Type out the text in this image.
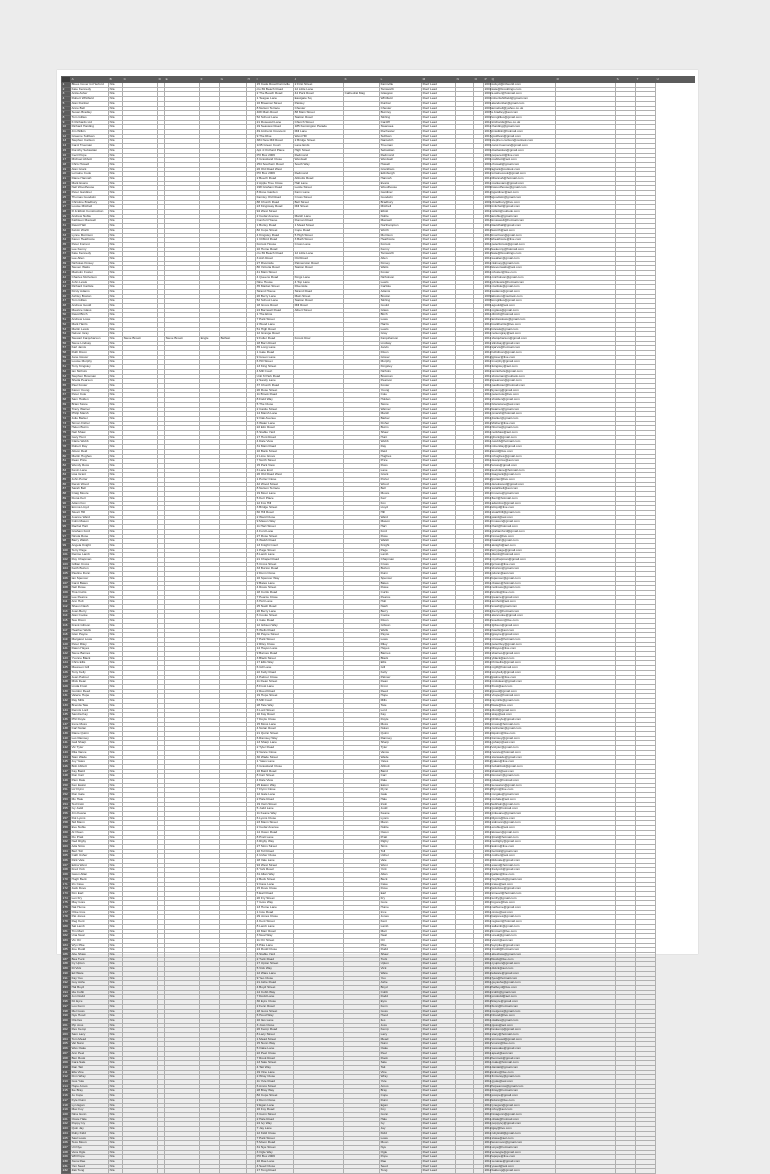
	A	B	C	D	E	F	G	H	I	J	K	L	M	N	O	P	Q	R	S	T	U
1	Blues Cover Gt Herford	N/a							15 Cade Road Farmville	2 First Street		Farmville	Roof Lead			2001	luckyd@ntlworld.com				
2	Kate Kennedy	N/a							c/o 69 Beach Road	12 Little Lane		Tamworth	Roof Lead			2001	kate@brooklings.com				
3	Anita Asher	N/a							2 The Beach Road	44 Park Road	Cathedral Mag	Glasgow	Roof Lead			2002	a.asher@hotmail.com				
4	Robert Whitfield	N/a							1 Teague Lane	Eastgate Sq		Whitfield	Roof Lead			2004	robertwhitfield@gmail.com				
5	Alan Dunbar	N/a							16 Braemar Street	Paisley		Dunbar	Roof Lead			2001	alandunbar@gmail.com				
6	Anne Bell	N/a							8 Nelson Terrace	Chester		Chester	Roof Lead			2003	annebell@yahoo.co.uk				
7	Susan Bradley	N/a							408 Main Road	88 Main Street		Burnley	Roof Lead			2005	s.bradley@aol.com				
8	Tom Gillies	N/a							52 School Lane	Station Road		Stirling	Roof Lead			2002	tomgillies@gmail.com				
9	K Richards Ltd	N/a							21 Rosewell Lane	Church Street		Cardiff	Roof Lead			2011	krichards@live.co.uk				
10	Richard Harding	N/a							19 Seaview Road	185 Kensington Parade		Swansea	Roof Lead			2011	rharding@gmail.com				
11	Jim Wilkin	N/a							49 Amherst Crescent	Mill Lane		Rochester	Roof Lead			2015	jimwilkin@hotmail.com				
12	Graeme Sullivan	N/a							9 The Rise	West Hill		Sullivan	Roof Lead			2015	gsullivan@gmail.com				
13	Stephen Carlson	N/a							384 New Mill Road	2 Bridge Street		Nantwich	Roof Lead			2001	stephen.carlson@outlook.com				
14	Carol Trueman	N/a							1/45 Green Court	Lane Ends		Trueman	Roof Lead			2001	carol.trueman@gmail.com				
15	Dorothy Sebastian	N/a							Apt 4 Orchard Place	High Street		Sebastian	Roof Lead			2001	dsebastian@gmail.com				
16	Cecil Pope	N/a							PO Box 2006	Redmond		Redmond	Roof Lead			2001	popececil@live.com				
17	Michael Abbott	N/a							3 Grassland Close	Westwell		Westwell	Roof Lead			2001	mabbott@aol.com				
18	Chris Howell	N/a							254 Southern Road	South Way		Howell	Roof Lead			2001	chowell@gmail.com				
19	Alan Grant	N/a							26 Old Road West			Grantham	Roof Lead			2002	agrant@outlook.com				
20	Lorraine Cook	N/a							PO Box 2006	Redmond		Edinburgh	Roof Lead			2011	lorrainecook@gmail.com				
21	Diane Hannah	N/a							2 Beech Road	Abbotts Road		Hannah	Roof Lead			2012	dhannah@hotmail.com				
22	Mark Evans	N/a							2 Apple Tree Close	Hall Lane		Evans	Roof Lead			2011	markevans@gmail.com				
23	Neil Woodhouse	N/a							198 Graham Road	Leslie Street		Woodhouse	Roof Lead			2009	nwoodhouse@gmail.com				
24	Peter Gardiner	N/a							8 Rose Garden	Farm Lane		Gardiner	Roof Lead			2012	pgardiner@aol.com				
25	Thomas Goodwin	N/a							Farnley Old Road	Cross Street		Goodwin	Roof Lead			2005	tgoodwin@gmail.com				
26	Christine Bradbury	N/a							88 Church Road	Bell Street		Bradbury	Roof Lead			2001	cbradbury@live.com				
27	Louise Mitchell	N/a							23 Kingsway Road	Mill Street		Mitchell	Roof Lead			2001	lmitchell@gmail.com				
28	R & Elliott Construction	N/a							94 West Street			Elliott	Roof Lead			2011	relliott@outlook.com				
29	Andrew Noble	N/a							2 Cedar Avenue	Marsh Lane		Noble	Roof Lead			2013	anoble@gmail.com				
30	Kathleen Maxwell	N/a							Comfort House	Roman Road		Maxwell	Roof Lead			2014	kmaxwell@hotmail.com				
31	David Hall	N/a							1 Burley Road	1 Mead Street		Northampton	Roof Lead			2012	davidhall@gmail.com				
32	Kelvin Worth	N/a							82 Cope Street	Cope Road		Worth	Roof Lead			2012	kworth@aol.com				
33	Lynne Morrison	N/a							4 Kingsley Road	5 High Street		Morrison	Roof Lead			2013	lmorrison@gmail.com				
34	Karen Heathcote	N/a							1 Clifford Road	3 Bath Street		Heathcote	Roof Lead			2016	kheathcote@live.com				
35	Peter Forrest	N/a							Forrest House	Cross Lane		Forrest	Roof Lead			2011	peterforrest@gmail.com				
36	Lee Kenny	N/a							10 Home Road			Kenny	Roof Lead			2012	leekenny@hotmail.com				
37	Kate Kennedy	N/a							c/o 69 Beach Road	12 Little Lane		Tamworth	Roof Lead			2012	kate@brooklings.com				
38	Lee Allen	N/a							3 Ash Road	Old Road		Allen	Roof Lead			2011	leeallen@gmail.com				
39	Nicholas Kinsey	N/a							27 Riverside	Palmerston Road		Kinsey	Roof Lead			2011	nkinsey@gmail.com				
40	Steven Watts	N/a							80 Victoria Road	Station Road		Watts	Roof Lead			2010	stevenwatts@aol.com				
41	Malcolm Foster	N/a							41 Main Street			Foster	Roof Lead			2011	mfoster@live.com				
42	Charles Nicholson	N/a							4 Queens Road	Kings Lane		Nicholson	Roof Lead			2011	cnicholson@gmail.com				
43	John Lewis	N/a							Nine House	4 Top Lane		Lewis	Roof Lead			2011	johnlewis@hotmail.com				
44	Richard Carlisle	N/a							35 Market Street	Riverside		Carlisle	Roof Lead			2011	rcarlisle@gmail.com				
45	Kirsty Adams	N/a							Strand House	Strand Road		Adams	Roof Lead			2011	kadams@gmail.com				
46	Ashley Boston	N/a							20 Berry Lane	Main Street		Boston	Roof Lead			2009	aboston@outlook.com				
47	Tom Gillies	N/a							52 School Lane	Station Road		Stirling	Roof Lead			2008	tomgillies@gmail.com				
48	Andrew Gould	N/a							18 Grove Road	Mill Road		Gould	Roof Lead			2001	agould@aol.com				
49	Maurice Glass	N/a							24 Barnwell Road	Albert Street		Glass	Roof Lead			2011	mglass@gmail.com				
50	David Birch	N/a							1 The Elms			Birch	Roof Lead			2011	dbirch@hotmail.com				
51	Andrew Lowe	N/a							7 Park Street			Lowe	Roof Lead			2012	andrewlowe@gmail.com				
52	Mark Harris	N/a							2 Wood Lane			Harris	Roof Lead			2012	markharris@live.com				
53	Martin Lewis	N/a							51 High Road			Lewis	Roof Lead			2012	mlewis@gmail.com				
54	Nelson Gray	N/a							12 Grange Road			Gray	Roof Lead			2011	nelsongray@aol.com				
55	Stewart Farquharson	N/a	Steve Brown		Steve Brown	Engle	Belfast		9 Fuller Road	Forest Row		Farquharson	Roof Lead			2011	sfarquharson@gmail.com				
56	Steve Lindsay	N/a							18 Barn Road			Lindsay	Roof Lead			2011	slindsay@gmail.com				
57	Karl Jarvis	N/a							35 Long Lane			Jarvis	Roof Lead			2011	kjarvis@hotmail.com				
58	Ruth Dixon	N/a							1 Gate Road			Dixon	Roof Lead			2012	ruthdixon@gmail.com				
59	Jane Glover	N/a							9 Green Lane			Glover	Roof Lead			2012	jglover@live.com				
60	Louise Murphy	N/a							6 Hill Street			Murphy	Roof Lead			2011	lmurphy@gmail.com				
61	Tony Kingsley	N/a							13 King Street			Kingsley	Roof Lead			2011	tkingsley@aol.com				
62	Ian Nichols	N/a							4 Mill Court			Nichols	Roof Lead			2011	iannichols@gmail.com				
63	Stephen Bowman	N/a							Unit 6 Park Road			Bowman	Roof Lead			2011	sbowman@outlook.com				
64	Sheila Pearson	N/a							2 Sandy Lane			Pearson	Roof Lead			2012	spearson@gmail.com				
65	Paul Foster	N/a							37 Church Road			Foster	Roof Lead			2011	paulfoster@hotmail.com				
66	Karen Young	N/a							20 Rose Street			Young	Roof Lead			2012	kyoung@gmail.com				
67	Peter Cole	N/a							11 Brook Road			Cole	Roof Lead			2011	petercole@live.com				
68	Sam Holden	N/a							8 Field Way			Holden	Roof Lead			2011	sholden@gmail.com				
69	Brian Stone	N/a							5 The Close			Stone	Roof Lead			2011	brianstone@aol.com				
70	Tracy Warner	N/a							2 Castle Street			Warner	Roof Lead			2012	twarner@gmail.com				
71	Philip Marsh	N/a							14 Marsh Lane			Marsh	Roof Lead			2011	pmarsh@hotmail.com				
72	Julie Barker	N/a							9 Oak Avenue			Barker	Roof Lead			2011	jbarker@gmail.com				
73	Simon Fisher	N/a							3 Water Lane			Fisher	Roof Lead			2012	sfisher@live.com				
74	Helen Burns	N/a							22 Elm Road			Burns	Roof Lead			2011	hburns@gmail.com				
75	Neil Shaw	N/a							6 Stable Yard			Shaw	Roof Lead			2011	neilshaw@aol.com				
76	Gary Hunt	N/a							17 Hunt Road			Hunt	Roof Lead			2012	ghunt@gmail.com				
77	Claire Webb	N/a							4 Dale View			Webb	Roof Lead			2011	cwebb@hotmail.com				
78	Robert Day	N/a							31 Main Road			Day	Roof Lead			2011	robertday@gmail.com				
79	Alison Reid	N/a							10 Bank Street			Reid	Roof Lead			2012	areid@live.com				
80	Martin Hughes	N/a							2 Lime Grove			Hughes	Roof Lead			2011	mhughes@gmail.com				
81	Dean Price	N/a							7 North Street			Price	Roof Lead			2011	deanprice@aol.com				
82	Wendy Ross	N/a							15 Park View			Ross	Roof Lead			2012	wross@gmail.com				
83	Kevin Lane	N/a							3 Lane End			Lane	Roof Lead			2011	kevinlane@hotmail.com				
84	Lisa Grant	N/a							26 Old Road West			Grant	Roof Lead			2011	lisagrant@gmail.com				
85	John Porter	N/a							1 Porter Close			Porter	Roof Lead			2012	jporter@live.com				
86	Derek Wood	N/a							42 Wood Street			Wood	Roof Lead			2011	derekwood@gmail.com				
87	Sarah Bell	N/a							8 Nelson Terrace			Bell	Roof Lead			2011	sarahbell@aol.com				
88	Craig Moore	N/a							19 Moor Lane			Moore	Roof Lead			2012	cmoore@gmail.com				
89	Fiona Kerr	N/a							5 Kerr Place			Kerr	Roof Lead			2011	fkerr@hotmail.com				
90	Adam Fox	N/a							12 Fox Hill			Fox	Roof Lead			2011	adamfox@gmail.com				
91	Emma Lloyd	N/a							3 Bridge Street			Lloyd	Roof Lead			2012	elloyd@live.com				
92	Stuart Hill	N/a							60 Hill Road			Hill	Roof Lead			2011	stuarthill@gmail.com				
93	Joanne Ward	N/a							2 Ward Close			Ward	Roof Lead			2011	jward@aol.com				
94	Colin Mason	N/a							9 Mason Way			Mason	Roof Lead			2012	cmason@gmail.com				
95	Rachel Hart	N/a							11 Hart Street			Hart	Roof Lead			2011	rhart@hotmail.com				
96	Graham Ford	N/a							4 Ford Lane			Ford	Roof Lead			2011	grahamford@gmail.com				
97	Nicola Rose	N/a							27 Rose Street			Rose	Roof Lead			2012	nrose@live.com				
98	Barry Walsh	N/a							6 Walsh Road			Walsh	Roof Lead			2011	bwalsh@gmail.com				
99	Angela Knight	N/a							13 Knight Court			Knight	Roof Lead			2011	aknight@aol.com				
100	Terry Page	N/a							1 Page Street			Page	Roof Lead			2012	terrypage@gmail.com				
101	Denise Lamb	N/a							8 Lamb Lane			Lamb	Roof Lead			2011	dlamb@hotmail.com				
102	Roy Chapman	N/a							21 Chapel Road			Chapman	Roof Lead			2011	roychapman@gmail.com				
103	Gillian Cross	N/a							5 Cross Street			Cross	Roof Lead			2012	gcross@live.com				
104	Keith Burton	N/a							33 Burton Road			Burton	Roof Lead			2011	kburton@gmail.com				
105	Pauline Dunn	N/a							2 Dunn Close			Dunn	Roof Lead			2011	pdunn@aol.com				
106	Ian Spencer	N/a							16 Spencer Way			Spencer	Roof Lead			2012	ispencer@gmail.com				
107	Carol Bates	N/a							9 Bates Lane			Bates	Roof Lead			2011	cbates@hotmail.com				
108	Neil Rowe	N/a							4 Rowe Street			Rowe	Roof Lead			2011	neilrowe@gmail.com				
109	Tina Curtis	N/a							18 Curtis Road			Curtis	Roof Lead			2012	tcurtis@live.com				
110	Lee Pearce	N/a							7 Pearce Close			Pearce	Roof Lead			2011	lpearce@gmail.com				
111	Ann Holt	N/a							3 Holt Lane			Holt	Roof Lead			2011	annholt@aol.com				
112	Shaun Nash	N/a							25 Nash Road			Nash	Roof Lead			2012	snash@gmail.com				
113	Joan Berry	N/a							20 Berry Lane			Berry	Roof Lead			2011	jberry@hotmail.com				
114	Alan Cooke	N/a							6 Cooke Street			Cooke	Roof Lead			2011	alancooke@gmail.com				
115	Sue Dixon	N/a							1 Gate Road			Dixon	Roof Lead			2012	suedixon@live.com				
116	Frank Gibson	N/a							12 Gibson Way			Gibson	Roof Lead			2011	fgibson@gmail.com				
117	Heather Wells	N/a							5 Wells Road			Wells	Roof Lead			2011	hwells@aol.com				
118	Glen Payne	N/a							30 Payne Street			Payne	Roof Lead			2012	gpayne@gmail.com				
119	Margaret Lowe	N/a							7 Park Street			Lowe	Roof Lead			2011	mlowe@hotmail.com				
120	Peter Riley	N/a							2 Riley Close			Riley	Roof Lead			2011	peterriley@gmail.com				
121	Dawn Hayes	N/a							14 Hayes Lane			Hayes	Roof Lead			2012	dhayes@live.com				
122	Steve Barnes	N/a							9 Barnes Road			Barnes	Roof Lead			2011	sbarnes@gmail.com				
123	Yvonne Black	N/a							3 Black Street			Black	Roof Lead			2011	yblack@aol.com				
124	Chris Ellis	N/a							17 Ellis Way			Ellis	Roof Lead			2012	chrisellis@gmail.com				
125	Maureen Gill	N/a							6 Gill Lane			Gill	Roof Lead			2011	mgill@hotmail.com				
126	Tony Kelly	N/a							22 Kelly Road			Kelly	Roof Lead			2011	tonykelly@gmail.com				
127	Jean Palmer	N/a							4 Palmer Close			Palmer	Roof Lead			2012	jpalmer@live.com				
128	Mick Dean	N/a							11 Dean Street			Dean	Roof Lead			2011	mickdean@gmail.com				
129	Linda Frost	N/a							8 Frost Lane			Frost	Roof Lead			2011	lfrost@aol.com				
130	Gordon Reed	N/a							2 Reed Road			Reed	Roof Lead			2012	greed@gmail.com				
131	Valerie Hope	N/a							19 Hope Street			Hope	Roof Lead			2011	vhope@hotmail.com				
132	Ray Mills	N/a							5 Mill Court			Mills	Roof Lead			2011	raymills@gmail.com				
133	Brenda Tate	N/a							28 Tate Way			Tate	Roof Lead			2012	btate@live.com				
134	Dennis Lord	N/a							3 Lord Street			Lord	Roof Lead			2011	dlord@gmail.com				
135	Sandra Kay	N/a							10 Kay Road			Kay	Roof Lead			2011	skay@aol.com				
136	Phil Doyle	N/a							7 Doyle Close			Doyle	Roof Lead			2012	phildoyle@gmail.com				
137	Irene Moss	N/a							15 Moss Lane			Moss	Roof Lead			2011	imoss@hotmail.com				
138	Carl Nolan	N/a							4 Nolan Road			Nolan	Roof Lead			2011	carlnolan@gmail.com				
139	Diane Quinn	N/a							21 Quinn Street			Quinn	Roof Lead			2012	dquinn@live.com				
140	Les Ramsey	N/a							6 Ramsey Way			Ramsey	Roof Lead			2011	lramsey@gmail.com				
141	Gail Sharp	N/a							13 Sharp Lane			Sharp	Roof Lead			2011	gsharp@aol.com				
142	Vic Tyler	N/a							2 Tyler Road			Tyler	Roof Lead			2012	victyler@gmail.com				
143	Rita Vance	N/a							9 Vance Close			Vance	Roof Lead			2011	rvance@hotmail.com				
144	Stan Wade	N/a							30 Wade Street			Wade	Roof Lead			2011	stanwade@gmail.com				
145	Joy Yates	N/a							1 Yates Lane			Yates	Roof Lead			2012	jyates@live.com				
146	Bob Abbott	N/a							3 Grassland Close			Abbott	Roof Lead			2011	bobabbott@gmail.com				
147	Kay Baird	N/a							16 Baird Road			Baird	Roof Lead			2011	kbaird@aol.com				
148	Don Carr	N/a							8 Carr Street			Carr	Roof Lead			2012	doncarr@gmail.com				
149	Pam Dale	N/a							4 Dale View			Dale	Roof Lead			2011	pdale@hotmail.com				
150	Ken Eaton	N/a							25 Eaton Way			Eaton	Roof Lead			2011	keneaton@gmail.com				
151	Liz Flynn	N/a							7 Flynn Close			Flynn	Roof Lead			2012	lflynn@live.com				
152	Ron Gale	N/a							12 Gale Lane			Gale	Roof Lead			2011	rongale@gmail.com				
153	Mo Hale	N/a							2 Hale Road			Hale	Roof Lead			2011	mohale@aol.com				
154	Ted Irwin	N/a							19 Irwin Street			Irwin	Roof Lead			2012	tedirwin@gmail.com				
155	Ivy Judd	N/a							5 Judd Lane			Judd	Roof Lead			2011	ijudd@hotmail.com				
156	Jim Keane	N/a							11 Keane Way			Keane	Roof Lead			2011	jimkeane@gmail.com				
157	Dot Lyons	N/a							6 Lyons Close			Lyons	Roof Lead			2012	dlyons@live.com				
158	Sid Mann	N/a							23 Mann Street			Mann	Roof Lead			2011	sidmann@gmail.com				
159	Eve Noble	N/a							2 Cedar Avenue			Noble	Roof Lead			2011	enoble@aol.com				
160	Al Owen	N/a							14 Owen Road			Owen	Roof Lead			2012	alowen@gmail.com				
161	Flo Pratt	N/a							8 Pratt Lane			Pratt	Roof Lead			2011	fpratt@hotmail.com				
162	Ned Rigby	N/a							3 Rigby Way			Rigby	Roof Lead			2011	nedrigby@gmail.com				
163	Ada Sims	N/a							27 Sims Street			Sims	Roof Lead			2012	asims@live.com				
164	Bert Toll	N/a							10 Toll Road			Toll	Roof Lead			2011	berttoll@gmail.com				
165	Cath Usher	N/a							4 Usher Close			Usher	Roof Lead			2011	cusher@aol.com				
166	Dick Vale	N/a							18 Vale Lane			Vale	Roof Lead			2012	dickvale@gmail.com				
167	Edna West	N/a							94 West Street			West	Roof Lead			2011	ewest@hotmail.com				
168	Fred York	N/a							6 York Road			York	Roof Lead			2011	fredyork@gmail.com				
169	Gwen Allan	N/a							31 Allan Way			Allan	Roof Lead			2012	gallan@live.com				
170	Hugh Beck	N/a							2 Beck Street			Beck	Roof Lead			2011	hughbeck@gmail.com				
171	Iris Cave	N/a							9 Cave Lane			Cave	Roof Lead			2011	icave@aol.com				
172	Jack Dove	N/a							15 Dove Close			Dove	Roof Lead			2012	jackdove@gmail.com				
173	Kim Earl	N/a							5 Earl Road			Earl	Roof Lead			2011	kimearl@hotmail.com				
174	Len Fry	N/a							20 Fry Street			Fry	Roof Lead			2011	lenfry@gmail.com				
175	May Gore	N/a							7 Gore Way			Gore	Roof Lead			2012	mgore@live.com				
176	Nat Hume	N/a							13 Hume Lane			Hume	Roof Lead			2011	nathume@gmail.com				
177	Olive Ince	N/a							1 Ince Road			Ince	Roof Lead			2011	oince@aol.com				
178	Pat Jones	N/a							29 Jones Close			Jones	Roof Lead			2012	patjones@gmail.com				
179	Reg Kent	N/a							4 Kent Street			Kent	Roof Lead			2011	regkent@hotmail.com				
180	Sal Lamb	N/a							8 Lamb Lane			Lamb	Roof Lead			2011	sallamb@gmail.com				
181	Tim Marr	N/a							16 Marr Road			Marr	Roof Lead			2012	timmarr@live.com				
182	Una Neal	N/a							3 Neal Way			Neal	Roof Lead			2011	uneal@gmail.com				
183	Viv Orr	N/a							11 Orr Street			Orr	Roof Lead			2011	vivorr@aol.com				
184	Wyn Pike	N/a							6 Pike Lane			Pike	Roof Lead			2012	wynpike@gmail.com				
185	Zoe Rudd	N/a							24 Rudd Close			Rudd	Roof Lead			2011	zrudd@hotmail.com				
186	Abe Shaw	N/a							6 Stable Yard			Shaw	Roof Lead			2011	abeshaw@gmail.com				
187	Bea Tuck	N/a							2 Tuck Road			Tuck	Roof Lead			2012	btuck@live.com				
188	Cy Upton	N/a							17 Upton Street			Upton	Roof Lead			2011	cyupton@gmail.com				
189	Di Vick	N/a							5 Vick Way			Vick	Roof Lead			2011	divick@aol.com				
190	Ed Ware	N/a							12 Ware Lane			Ware	Roof Lead			2012	edware@gmail.com				
191	Fay Yeo	N/a							9 Yeo Close			Yeo	Roof Lead			2011	fyeo@hotmail.com				
192	Guy Ashe	N/a							21 Ashe Road			Ashe	Roof Lead			2011	guyashe@gmail.com				
193	Hal Boyd	N/a							4 Boyd Street			Boyd	Roof Lead			2012	halboyd@live.com				
194	Ida Cobb	N/a							14 Cobb Way			Cobb	Roof Lead			2011	icobb@gmail.com				
195	Jon Dodd	N/a							7 Dodd Lane			Dodd	Roof Lead			2011	jondodd@aol.com				
196	Kit Eyre	N/a							30 Eyre Close			Eyre	Roof Lead			2012	kiteyre@gmail.com				
197	Lou Fenn	N/a							2 Fenn Road			Fenn	Roof Lead			2011	lfenn@hotmail.com				
198	Mel Goss	N/a							18 Goss Street			Goss	Roof Lead			2011	melgoss@gmail.com				
199	Nye Hood	N/a							6 Hood Way			Hood	Roof Lead			2012	nhood@live.com				
200	Ola Iles	N/a							10 Iles Lane			Iles	Roof Lead			2011	olaiiles@gmail.com				
201	Pip Joss	N/a							3 Joss Close			Joss	Roof Lead			2011	pjoss@aol.com				
202	Rex Kemp	N/a							26 Kemp Road			Kemp	Roof Lead			2012	rexkemp@gmail.com				
203	Sam Lacy	N/a							8 Lacy Street			Lacy	Roof Lead			2011	slacy@hotmail.com				
204	Tom Mead	N/a							1 Mead Street			Mead	Roof Lead			2011	tommead@gmail.com				
205	Val Nunn	N/a							15 Nunn Way			Nunn	Roof Lead			2012	vnunn@live.com				
206	Wes Oake	N/a							5 Oake Lane			Oake	Roof Lead			2011	wesoake@gmail.com				
207	Ann Peel	N/a							22 Peel Close			Peel	Roof Lead			2011	apeel@aol.com				
208	Ben Rook	N/a							7 Rook Road			Rook	Roof Lead			2012	benrook@gmail.com				
209	Cara Sale	N/a							13 Sale Street			Sale	Roof Lead			2011	csale@hotmail.com				
210	Dan Tait	N/a							4 Tait Way			Tait	Roof Lead			2011	dantait@gmail.com				
211	Ella Vine	N/a							19 Vine Lane			Vine	Roof Lead			2012	evine@live.com				
212	Finn Wray	N/a							2 Wray Close			Wray	Roof Lead			2011	finnwray@gmail.com				
213	Gus Yule	N/a							11 Yule Road			Yule	Roof Lead			2011	gyule@aol.com				
214	Hope Amos	N/a							6 Amos Street			Amos	Roof Lead			2012	hopeamos@gmail.com				
215	Ike Bray	N/a							28 Bray Way			Bray	Roof Lead			2011	ibray@hotmail.com				
216	Jo Cope	N/a							82 Cope Street			Cope	Roof Lead			2011	jocope@gmail.com				
217	Kyle Dunn	N/a							2 Dunn Close			Dunn	Roof Lead			2012	kdunn@live.com				
218	Lyn Egan	N/a							9 Egan Lane			Egan	Roof Lead			2011	lynegan@gmail.com				
219	Max Foy	N/a							16 Foy Road			Foy	Roof Lead			2011	mfoy@aol.com				
220	Nina Gunn	N/a							3 Gunn Street			Gunn	Roof Lead			2012	ninagunn@gmail.com				
221	Ossie Hale	N/a							2 Hale Road			Hale	Roof Lead			2011	ohale@hotmail.com				
222	Poppy Ivy	N/a							24 Ivy Way			Ivy	Roof Lead			2011	poppyivy@gmail.com				
223	Quin Jay	N/a							7 Jay Lane			Jay	Roof Lead			2012	qjay@live.com				
224	Ruby Kidd	N/a							12 Kidd Close			Kidd	Roof Lead			2011	rubykidd@gmail.com				
225	Saul Lowe	N/a							7 Park Street			Lowe	Roof Lead			2011	slowe@aol.com				
226	Tess Moon	N/a							5 Moon Road			Moon	Roof Lead			2012	tessmoon@gmail.com				
227	Uri Nye	N/a							31 Nye Street			Nye	Roof Lead			2011	unye@hotmail.com				
228	Vera Ogle	N/a							3 Ogle Way			Ogle	Roof Lead			2011	veraogle@gmail.com				
229	Will Pope	N/a							PO Box 2006			Pope	Roof Lead			2012	wpope@live.com				
230	Xena Rae	N/a							10 Rae Lane			Rae	Roof Lead			2011	xenarae@gmail.com				
231	Yan Seed	N/a							4 Seed Close			Seed	Roof Lead			2011	yseed@aol.com				
232	Zak Tong	N/a							17 Tong Road			Tong	Roof Lead			2012	zaktong@gmail.com				
